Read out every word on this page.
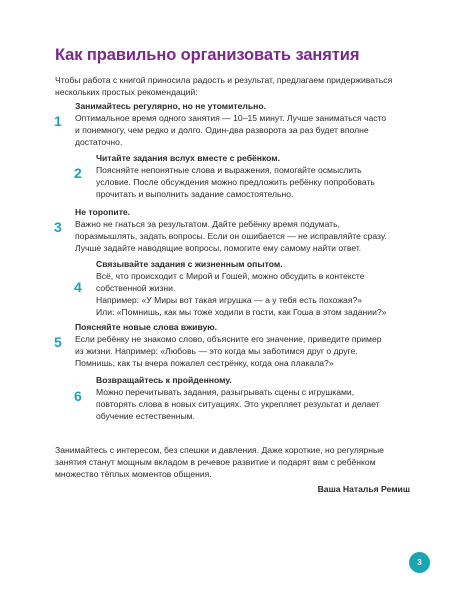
Как правильно организовать занятия

Чтобы работа с книгой приносила радость и результат, предлагаем придерживаться нескольких простых рекомендаций:

1

Занимайтесь регулярно, но не утомительно.

Оптимальное время одного занятия — 10–15 минут. Лучше заниматься часто
и понемногу, чем редко и долго. Один-два разворота за раз будет вполне
достаточно.

2

Читайте задания вслух вместе с ребёнком.

Поясняйте непонятные слова и выражения, помогайте осмыслить
условие. После обсуждения можно предложить ребёнку попробовать
прочитать и выполнить задание самостоятельно.

3

Не торопите.

Важно не гнаться за результатом. Дайте ребёнку время подумать,
поразмышлять, задать вопросы. Если он ошибается — не исправляйте сразу.
Лучше задайте наводящие вопросы, помогите ему самому найти ответ.

4

Связывайте задания с жизненным опытом.

Всё, что происходит с Мирой и Гошей, можно обсудить в контексте
собственной жизни.
Например: «У Миры вот такая игрушка — а у тебя есть похожая?»
Или: «Помнишь, как мы тоже ходили в гости, как Гоша в этом задании?»

5

Поясняйте новые слова вживую.

Если ребёнку не знакомо слово, объясните его значение, приведите пример
из жизни. Например: «Любовь — это когда мы заботимся друг о друге.
Помнишь, как ты вчера пожалел сестрёнку, когда она плакала?»

6

Возвращайтесь к пройденному.

Можно перечитывать задания, разыгрывать сцены с игрушками,
повторять слова в новых ситуациях. Это укрепляет результат и делает
обучение естественным.

Занимайтесь с интересом, без спешки и давления. Даже короткие, но регулярные занятия станут мощным вкладом в речевое развитие и подарят вам с ребёнком множество тёплых моментов общения.

Ваша Наталья Ремиш

3
